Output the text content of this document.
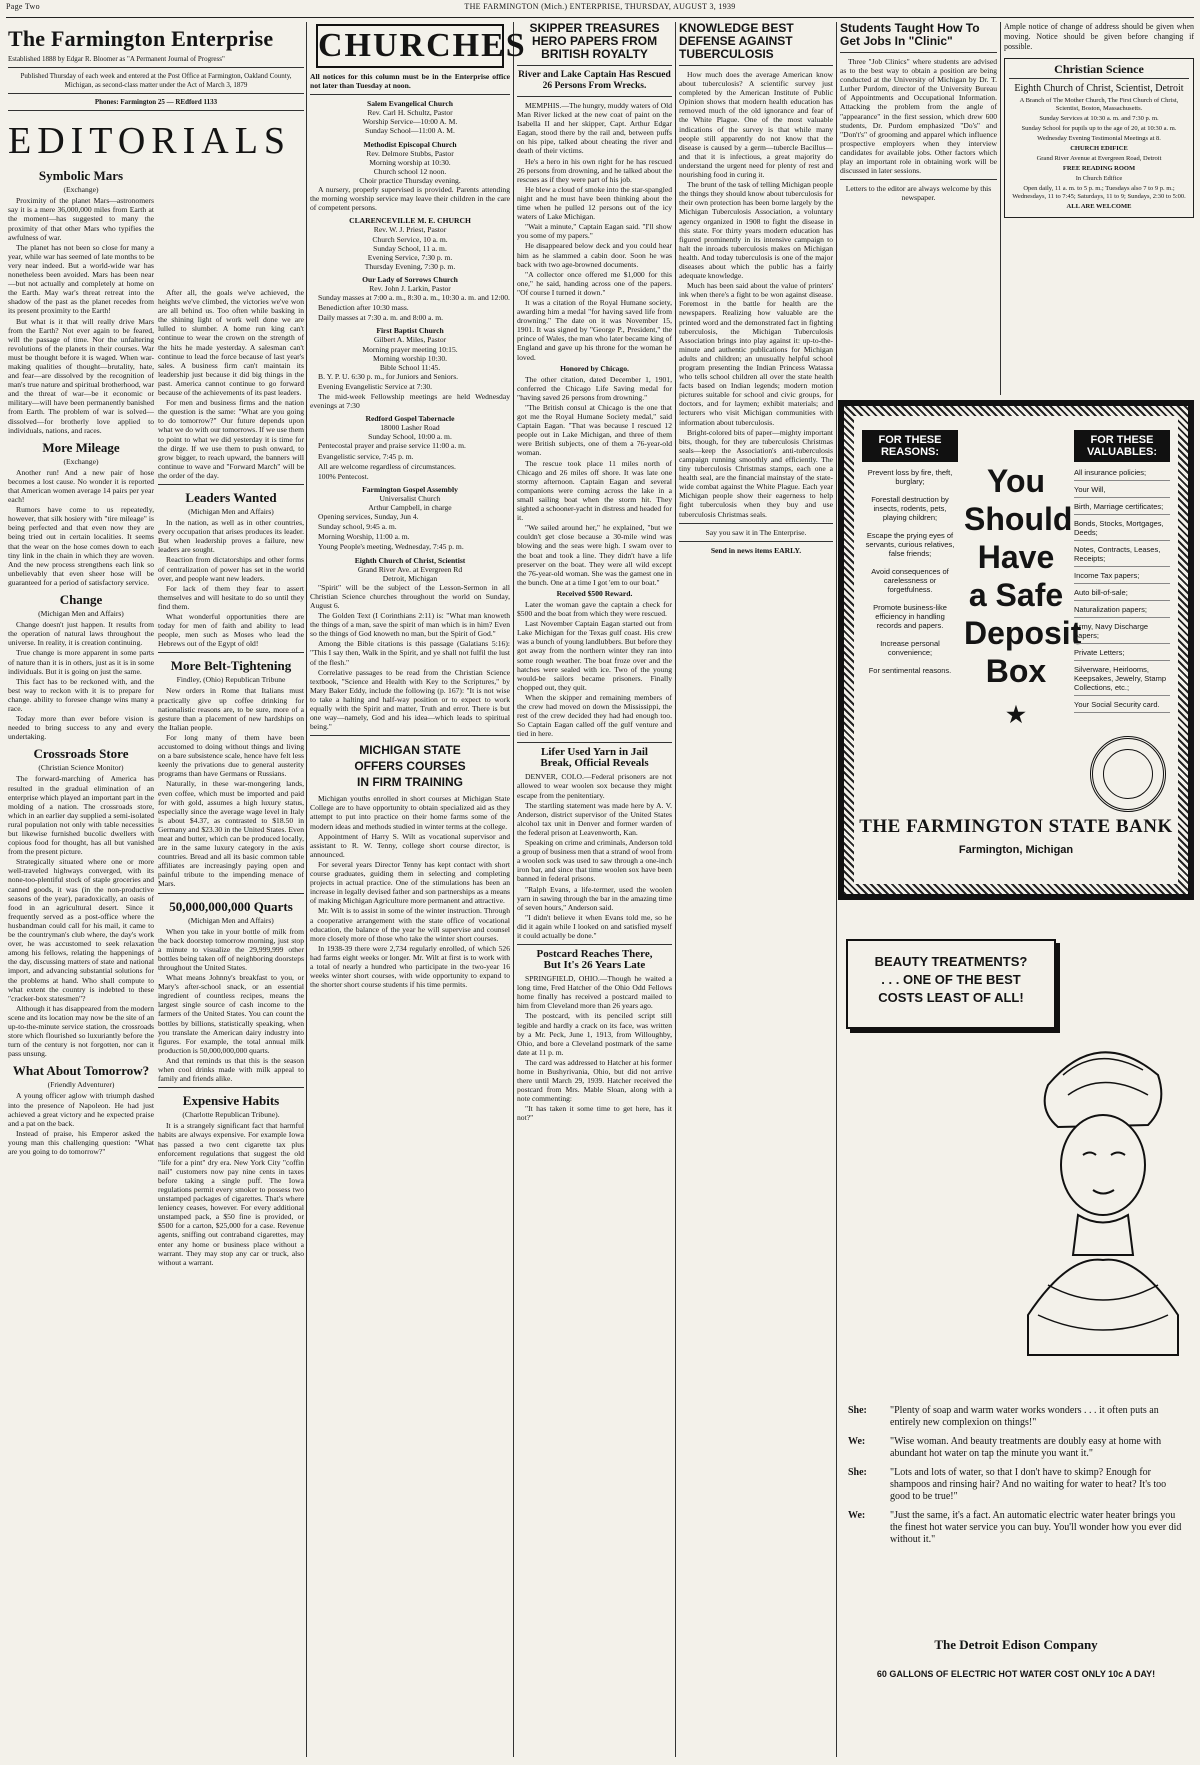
Page Two	THE FARMINGTON (Mich.) ENTERPRISE, THURSDAY, AUGUST 3, 1939
The Farmington Enterprise

Established 1888 by Edgar R. Bloomer as "A Permanent Journal of Progress"

Published Thursday of each week and entered at the Post Office at Farmington, Oakland County, Michigan, as second-class matter under the Act of March 3, 1879

Phones: Farmington 25 — REdford 1133

EDITORIALS

Symbolic Mars

(Exchange)

Proximity of the planet Mars—astronomers say it is a mere 36,000,000 miles from Earth at the moment—has suggested to many the proximity of that other Mars who typifies the awfulness of war.

The planet has not been so close for many a year, while war has seemed of late months to be very near indeed. But a world-wide war has nonetheless been avoided. Mars has been near—but not actually and completely at home on the Earth. May war's threat retreat into the shadow of the past as the planet recedes from its present proximity to the Earth!

But what is it that will really drive Mars from the Earth? Not ever again to be feared, will the passage of time. Nor the unfaltering revolutions of the planets in their courses. War must be thought before it is waged. When war-making qualities of thought—brutality, hate, and fear—are dissolved by the recognition of man's true nature and spiritual brotherhood, war and the threat of war—be it economic or military—will have been permanently banished from Earth. The problem of war is solved—dissolved—for brotherly love applied to individuals, nations, and races.

More Mileage

(Exchange)

Another run! And a new pair of hose becomes a lost cause. No wonder it is reported that American women average 14 pairs per year each!

Rumors have come to us repeatedly, however, that silk hosiery with "tire mileage" is being perfected and that even now they are being tried out in certain localities. It seems that the wear on the hose comes down to each tiny link in the chain in which they are woven. And the new process strengthens each link so unbelievably that even sheer hose will be guaranteed for a period of satisfactory service.

Change

(Michigan Men and Affairs)

Change doesn't just happen. It results from the operation of natural laws throughout the universe. In reality, it is creation continuing.

True change is more apparent in some parts of nature than it is in others, just as it is in some individuals. But it is going on just the same.

This fact has to be reckoned with, and the best way to reckon with it is to prepare for change. ability to foresee change wins many a race.

Today more than ever before vision is needed to bring success to any and every undertaking.

Crossroads Store

(Christian Science Monitor)

The forward-marching of America has resulted in the gradual elimination of an enterprise which played an important part in the molding of a nation. The crossroads store, which in an earlier day supplied a semi-isolated rural population not only with table necessities but likewise furnished bucolic dwellers with copious food for thought, has all but vanished from the present picture.

Strategically situated where one or more well-traveled highways converged, with its none-too-plentiful stock of staple groceries and canned goods, it was (in the non-productive seasons of the year), paradoxically, an oasis of food in an agricultural desert. Since it frequently served as a post-office where the husbandman could call for his mail, it came to be the countryman's club where, the day's work over, he was accustomed to seek relaxation among his fellows, relating the happenings of the day, discussing matters of state and national import, and advancing substantial solutions for the problems at hand. Who shall compute to what extent the country is indebted to these "cracker-box statesmen"?

Although it has disappeared from the modern scene and its location may now be the site of an up-to-the-minute service station, the crossroads store which flourished so luxuriantly before the turn of the century is not forgotten, nor can it pass unsung.

What About Tomorrow?

(Friendly Adventurer)

A young officer aglow with triumph dashed into the presence of Napoleon. He had just achieved a great victory and he expected praise and a pat on the back.

Instead of praise, his Emperor asked the young man this challenging question: "What are you going to do tomorrow?"

After all, the goals we've achieved, the heights we've climbed, the victories we've won are all behind us. Too often while basking in the shining light of work well done we are lulled to slumber. A home run king can't continue to wear the crown on the strength of the hits he made yesterday. A salesman can't continue to lead the force because of last year's sales. A business firm can't maintain its leadership just because it did big things in the past. America cannot continue to go forward because of the achievements of its past leaders.

For men and business firms and the nation the question is the same: "What are you going to do tomorrow?" Our future depends upon what we do with our tomorrows. If we use them to point to what we did yesterday it is time for the dirge. If we use them to push onward, to grow bigger, to reach upward, the banners will continue to wave and "Forward March" will be the order of the day.

Leaders Wanted

(Michigan Men and Affairs)

In the nation, as well as in other countries, every occupation that arises produces its leader. But when leadership proves a failure, new leaders are sought.

Reaction from dictatorships and other forms of centralization of power has set in the world over, and people want new leaders.

For lack of them they fear to assert themselves and will hesitate to do so until they find them.

What wonderful opportunities there are today for men of faith and ability to lead people, men such as Moses who lead the Hebrews out of the Egypt of old!

More Belt-Tightening

Findley, (Ohio) Republican Tribune

New orders in Rome that Italians must practically give up coffee drinking for nationalistic reasons are, to be sure, more of a gesture than a placement of new hardships on the Italian people.

For long many of them have been accustomed to doing without things and living on a bare subsistence scale, hence have felt less keenly the privations due to general austerity programs than have Germans or Russians.

Naturally, in these war-mongering lands, even coffee, which must be imported and paid for with gold, assumes a high luxury status, especially since the average wage level in Italy is about $4.37, as contrasted to $18.50 in Germany and $23.30 in the United States. Even meat and butter, which can be produced locally, are in the same luxury category in the axis countries. Bread and all its basic common table affiliates are increasingly paying open and painful tribute to the impending menace of Mars.

50,000,000,000 Quarts

(Michigan Men and Affairs)

When you take in your bottle of milk from the back doorstep tomorrow morning, just stop a minute to visualize the 29,999,999 other bottles being taken off of neighboring doorsteps throughout the United States.

What means Johnny's breakfast to you, or Mary's after-school snack, or an essential ingredient of countless recipes, means the largest single source of cash income to the farmers of the United States. You can count the bottles by billions, statistically speaking, when you translate the American dairy industry into figures. For example, the total annual milk production is 50,000,000,000 quarts.

And that reminds us that this is the season when cool drinks made with milk appeal to family and friends alike.

Expensive Habits

(Charlotte Republican Tribune).

It is a strangely significant fact that harmful habits are always expensive. For example Iowa has passed a two cent cigarette tax plus enforcement regulations that suggest the old "life for a pint" dry era. New York City "coffin nail" customers now pay nine cents in taxes before taking a single puff. The Iowa regulations permit every smoker to possess two unstamped packages of cigarettes. That's where leniency ceases, however. For every additional unstamped pack, a $50 fine is provided, or $500 for a carton, $25,000 for a case. Revenue agents, sniffing out contraband cigarettes, may enter any home or business place without a warrant. They may stop any car or truck, also without a warrant.

CHURCHES

All notices for this column must be in the Enterprise office not later than Tuesday at noon.

Salem Evangelical Church

Rev. Carl H. Schultz, Pastor

Worship Service—10:00 A. M.

Sunday School—11:00 A. M.

Methodist Episcopal Church

Rev. Delmore Stubbs, Pastor

Morning worship at 10:30.

Church school 12 noon.

Choir practice Thursday evening.

A nursery, properly supervised is provided. Parents attending the morning worship service may leave their children in the care of competent persons.

CLARENCEVILLE M. E. CHURCH

Rev. W. J. Priest, Pastor

Church Service, 10 a. m.

Sunday School, 11 a. m.

Evening Service, 7:30 p. m.

Thursday Evening, 7:30 p. m.

Our Lady of Sorrows Church

Rev. John J. Larkin, Pastor

Sunday masses at 7:00 a. m., 8:30 a. m., 10:30 a. m. and 12:00.

Benediction after 10:30 mass.

Daily masses at 7:30 a. m. and 8:00 a. m.

First Baptist Church

Gilbert A. Miles, Pastor

Morning prayer meeting 10:15.

Morning worship 10:30.

Bible School 11:45.

B. Y. P. U. 6:30 p. m., for Juniors and Seniors.

Evening Evangelistic Service at 7:30.

The mid-week Fellowship meetings are held Wednesday evenings at 7:30

Redford Gospel Tabernacle

18000 Lasher Road

Sunday School, 10:00 a. m.

Pentecostal prayer and praise service 11:00 a. m.

Evangelistic service, 7:45 p. m.

All are welcome regardless of circumstances.

100% Pentecost.

Farmington Gospel Assembly

Universalist Church

Arthur Campbell, in charge

Opening services, Sunday, Jun 4.

Sunday school, 9:45 a. m.

Morning Worship, 11:00 a. m.

Young People's meeting, Wednesday, 7:45 p. m.

Eighth Church of Christ, Scientist

Grand River Ave. at Evergreen Rd

Detroit, Michigan

"Spirit" will be the subject of the Lesson-Sermon in all Christian Science churches throughout the world on Sunday, August 6.

The Golden Text (I Corinthians 2:11) is: "What man knoweth the things of a man, save the spirit of man which is in him? Even so the things of God knoweth no man, but the Spirit of God."

Among the Bible citations is this passage (Galatians 5:16): "This I say then, Walk in the Spirit, and ye shall not fulfil the lust of the flesh."

Correlative passages to be read from the Christian Science textbook, "Science and Health with Key to the Scriptures," by Mary Baker Eddy, include the following (p. 167): "It is not wise to take a halting and half-way position or to expect to work equally with the Spirit and matter, Truth and error. There is but one way—namely, God and his idea—which leads to spiritual being."

MICHIGAN STATE
OFFERS COURSES
IN FIRM TRAINING

Michigan youths enrolled in short courses at Michigan State College are to have opportunity to obtain specialized aid as they attempt to put into practice on their home farms some of the modern ideas and methods studied in winter terms at the college.

Appointment of Harry S. Wilt as vocational supervisor and assistant to R. W. Tenny, college short course director, is announced.

For several years Director Tenny has kept contact with short course graduates, guiding them in selecting and completing projects in actual practice. One of the stimulations has been an increase in legally devised father and son partnerships as a means of making Michigan Agriculture more permanent and attractive.

Mr. Wilt is to assist in some of the winter instruction. Through a cooperative arrangement with the state office of vocational education, the balance of the year he will supervise and counsel more closely more of those who take the winter short courses.

In 1938-39 there were 2,734 regularly enrolled, of which 526 had farms eight weeks or longer. Mr. Wilt at first is to work with a total of nearly a hundred who participate in the two-year 16 weeks winter short courses, with wide opportunity to expand to the shorter short course students if his time permits.

SKIPPER TREASURES HERO PAPERS FROM BRITISH ROYALTY
River and Lake Captain Has Rescued 26 Persons From Wrecks.

MEMPHIS.—The hungry, muddy waters of Old Man River licked at the new coat of paint on the Isabella II and her skipper, Capt. Arthur Edgar Eagan, stood there by the rail and, between puffs on his pipe, talked about cheating the river and death of their victims.

He's a hero in his own right for he has rescued 26 persons from drowning, and he talked about the rescues as if they were part of his job.

He blew a cloud of smoke into the star-spangled night and he must have been thinking about the time when he pulled 12 persons out of the icy waters of Lake Michigan.

"Wait a minute," Captain Eagan said. "I'll show you some of my papers."

He disappeared below deck and you could hear him as he slammed a cabin door. Soon he was back with two age-browned documents.

"A collector once offered me $1,000 for this one," he said, handing across one of the papers. "Of course I turned it down."

It was a citation of the Royal Humane society, awarding him a medal "for having saved life from drowning." The date on it was November 15, 1901. It was signed by "George P., President," the prince of Wales, the man who later became king of England and gave up his throne for the woman he loved.

Honored by Chicago.

The other citation, dated December 1, 1901, conferred the Chicago Life Saving medal for "having saved 26 persons from drowning."

"The British consul at Chicago is the one that got me the Royal Humane Society medal," said Captain Eagan. "That was because I rescued 12 people out in Lake Michigan, and three of them were British subjects, one of them a 76-year-old woman.

The rescue took place 11 miles north of Chicago and 26 miles off shore. It was late one stormy afternoon. Captain Eagan and several companions were coming across the lake in a small sailing boat when the storm hit. They sighted a schooner-yacht in distress and headed for it.

"We sailed around her," he explained, "but we couldn't get close because a 30-mile wind was blowing and the seas were high. I swam over to the boat and took a line. They didn't have a life preserver on the boat. They were all wild except the 76-year-old woman. She was the gamest one in the bunch. One at a time I got 'em to our boat."

Received $500 Reward.

Later the woman gave the captain a check for $500 and the boat from which they were rescued.

Last November Captain Eagan started out from Lake Michigan for the Texas gulf coast. His crew was a bunch of young landlubbers. But before they got away from the northern winter they ran into some rough weather. The boat froze over and the hatches were sealed with ice. Two of the young would-be sailors became prisoners. Finally chopped out, they quit.

When the skipper and remaining members of the crew had moved on down the Mississippi, the rest of the crew decided they had had enough too. So Captain Eagan called off the gulf venture and tied in here.

Lifer Used Yarn in Jail
Break, Official Reveals

DENVER, COLO.—Federal prisoners are not allowed to wear woolen sox because they might escape from the penitentiary.

The startling statement was made here by A. V. Anderson, district supervisor of the United States alcohol tax unit in Denver and former warden of the federal prison at Leavenworth, Kan.

Speaking on crime and criminals, Anderson told a group of business men that a strand of wool from a woolen sock was used to saw through a one-inch iron bar, and since that time woolen sox have been banned in federal prisons.

"Ralph Evans, a life-termer, used the woolen yarn in sawing through the bar in the amazing time of seven hours," Anderson said.

"I didn't believe it when Evans told me, so he did it again while I looked on and satisfied myself it could actually be done."

Postcard Reaches There,
But It's 26 Years Late

SPRINGFIELD, OHIO.—Though he waited a long time, Fred Hatcher of the Ohio Odd Fellows home finally has received a postcard mailed to him from Cleveland more than 26 years ago.

The postcard, with its penciled script still legible and hardly a crack on its face, was written by a Mr. Peck, June 1, 1913, from Willoughby, Ohio, and bore a Cleveland postmark of the same date at 11 p. m.

The card was addressed to Hatcher at his former home in Bushyrivania, Ohio, but did not arrive there until March 29, 1939. Hatcher received the postcard from Mrs. Mable Sloan, along with a note commenting:

"It has taken it some time to get here, has it not?"

KNOWLEDGE BEST DEFENSE AGAINST TUBERCULOSIS

How much does the average American know about tuberculosis? A scientific survey just completed by the American Institute of Public Opinion shows that modern health education has removed much of the old ignorance and fear of the White Plague. One of the most valuable indications of the survey is that while many people still apparently do not know that the disease is caused by a germ—tubercle Bacillus—and that it is infectious, a great majority do understand the urgent need for plenty of rest and nourishing food in curing it.

The brunt of the task of telling Michigan people the things they should know about tuberculosis for their own protection has been borne largely by the Michigan Tuberculosis Association, a voluntary agency organized in 1908 to fight the disease in this state. For thirty years modern education has figured prominently in its intensive campaign to halt the inroads tuberculosis makes on Michigan health. And today tuberculosis is one of the major diseases about which the public has a fairly adequate knowledge.

Much has been said about the value of printers' ink when there's a fight to be won against disease. Foremost in the battle for health are the newspapers. Realizing how valuable are the printed word and the demonstrated fact in fighting tuberculosis, the Michigan Tuberculosis Association brings into play against it: up-to-the-minute and authentic publications for Michigan adults and children; an unusually helpful school program presenting the Indian Princess Watassa who tells school children all over the state health facts based on Indian legends; modern motion pictures suitable for school and civic groups, for doctors, and for laymen; exhibit materials; and lecturers who visit Michigan communities with information about tuberculosis.

Bright-colored bits of paper—mighty important bits, though, for they are tuberculosis Christmas seals—keep the Association's anti-tuberculosis campaign running smoothly and efficiently. The tiny tuberculosis Christmas stamps, each one a health seal, are the financial mainstay of the state-wide combat against the White Plague. Each year Michigan people show their eagerness to help fight tuberculosis when they buy and use tuberculosis Christmas seals.

Say you saw it in The Enterprise.

Send in news items EARLY.

Students Taught How To Get Jobs In "Clinic"

Three "Job Clinics" where students are advised as to the best way to obtain a position are being conducted at the University of Michigan by Dr. T. Luther Purdom, director of the University Bureau of Appointments and Occupational Information. Attacking the problem from the angle of "appearance" in the first session, which drew 600 students, Dr. Purdom emphasized "Do's" and "Don't's" of grooming and apparel which influence prospective employers when they interview candidates for available jobs. Other factors which play an important role in obtaining work will be discussed in later sessions.

Letters to the editor are always welcome by this newspaper.

Ample notice of change of address should be given when moving. Notice should be given before changing if possible.

Christian Science

Eighth Church of Christ, Scientist, Detroit

A Branch of The Mother Church, The First Church of Christ, Scientist, Boston, Massachusetts.

Sunday Services at 10:30 a. m. and 7:30 p. m.

Sunday School for pupils up to the age of 20, at 10:30 a. m.

Wednesday Evening Testimonial Meetings at 8.

CHURCH EDIFICE

Grand River Avenue at Evergreen Road, Detroit

FREE READING ROOM

In Church Edifice

Open daily, 11 a. m. to 5 p. m.; Tuesdays also 7 to 9 p. m.; Wednesdays, 11 to 7:45; Saturdays, 11 to 9; Sundays, 2:30 to 5:00.

ALL ARE WELCOME

FOR THESE REASONS:

Prevent loss by fire, theft, burglary;

Forestall destruction by insects, rodents, pets, playing children;

Escape the prying eyes of servants, curious relatives, false friends;

Avoid consequences of carelessness or forgetfulness.

Promote business-like efficiency in handling records and papers.

Increase personal convenience;

For sentimental reasons.

You
Should
Have
a Safe
Deposit
Box
★
FOR THESE VALUABLES:

All insurance policies;

Your Will,

Birth, Marriage certificates;

Bonds, Stocks, Mortgages, Deeds;

Notes, Contracts, Leases, Receipts;

Income Tax papers;

Auto bill-of-sale;

Naturalization papers;

Army, Navy Discharge papers;

Private Letters;

Silverware, Heirlooms, Keepsakes, Jewelry, Stamp Collections, etc.;

Your Social Security card.

THE FARMINGTON STATE BANK
Farmington, Michigan
BEAUTY TREATMENTS?
. . . ONE OF THE BEST
COSTS LEAST OF ALL!
She:	"Plenty of soap and warm water works wonders . . . it often puts an entirely new complexion on things!"
We:	"Wise woman. And beauty treatments are doubly easy at home with abundant hot water on tap the minute you want it."
She:	"Lots and lots of water, so that I don't have to skimp? Enough for shampoos and rinsing hair? And no waiting for water to heat? It's too good to be true!"
We:	"Just the same, it's a fact. An automatic electric water heater brings you the finest hot water service you can buy. You'll wonder how you ever did without it."
The Detroit Edison Company
60 GALLONS OF ELECTRIC HOT WATER COST ONLY 10c A DAY!
